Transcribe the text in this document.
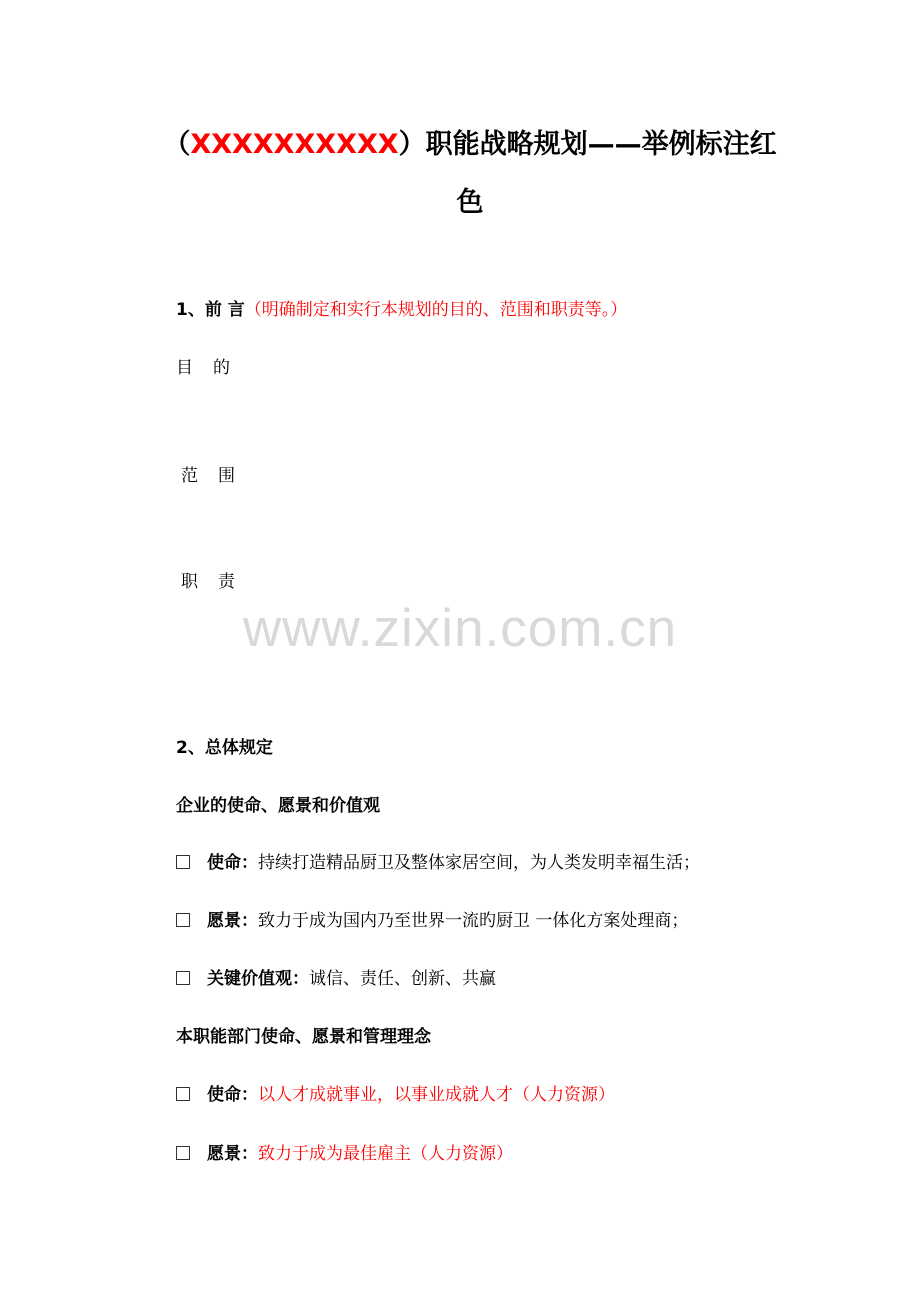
（XXXXXXXXXX）职能战略规划——举例标注红
色
1、前 言（明确制定和实行本规划的目的、范围和职责等。）
目 的
范 围
职 责
www.zixin.com.cn
2、总体规定
企业的使命、愿景和价值观
使命：持续打造精品厨卫及整体家居空间，为人类发明幸福生活；
愿景：致力于成为国内乃至世界一流旳厨卫 一体化方案处理商；
关键价值观：诚信、责任、创新、共赢
本职能部门使命、愿景和管理理念
使命：以人才成就事业，以事业成就人才（人力资源）
愿景：致力于成为最佳雇主（人力资源）
